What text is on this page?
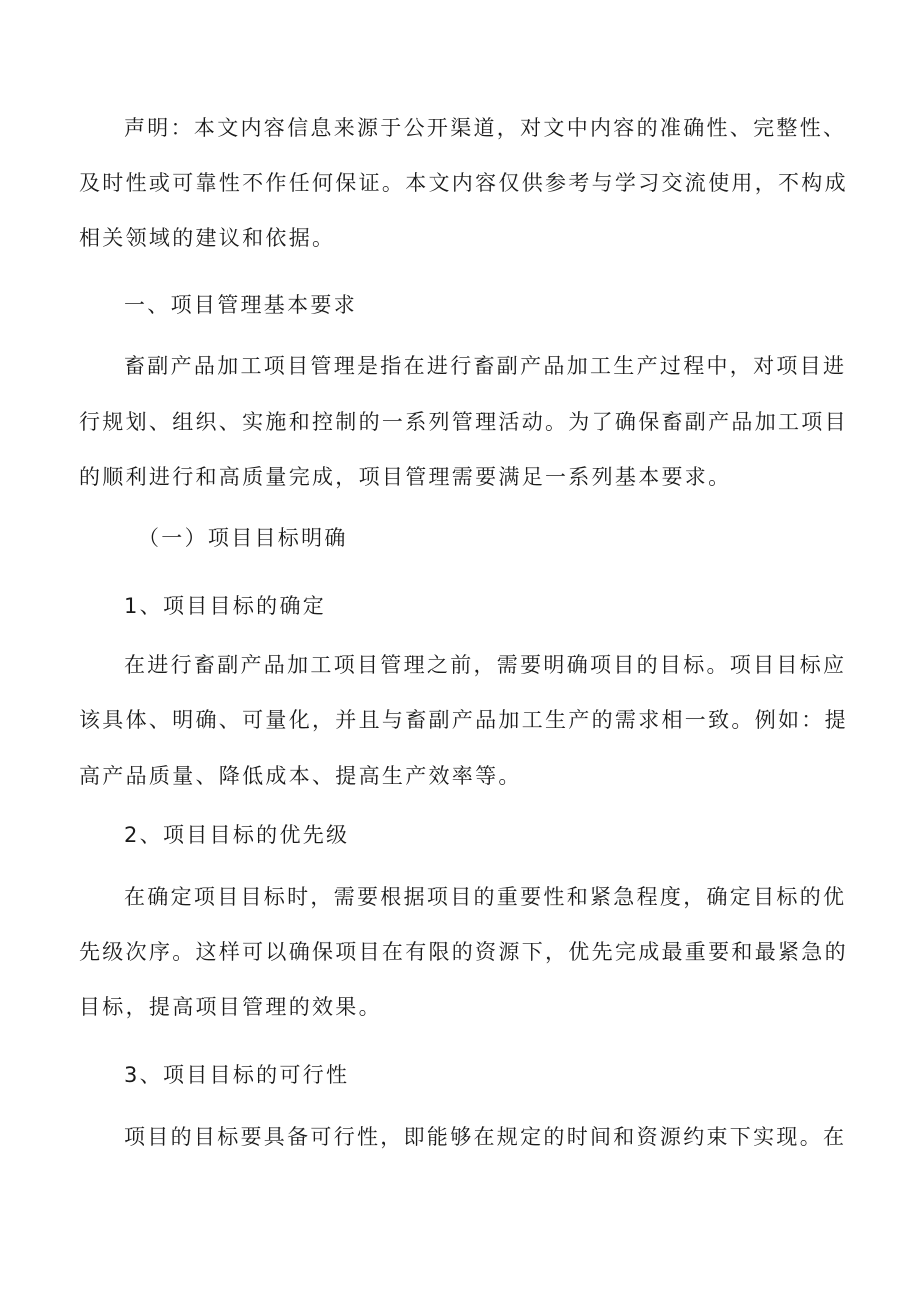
声明：本文内容信息来源于公开渠道，对文中内容的准确性、完整性、
及时性或可靠性不作任何保证。本文内容仅供参考与学习交流使用，不构成
相关领域的建议和依据。
一、项目管理基本要求
畜副产品加工项目管理是指在进行畜副产品加工生产过程中，对项目进
行规划、组织、实施和控制的一系列管理活动。为了确保畜副产品加工项目
的顺利进行和高质量完成，项目管理需要满足一系列基本要求。
（一）项目目标明确
1、项目目标的确定
在进行畜副产品加工项目管理之前，需要明确项目的目标。项目目标应
该具体、明确、可量化，并且与畜副产品加工生产的需求相一致。例如：提
高产品质量、降低成本、提高生产效率等。
2、项目目标的优先级
在确定项目目标时，需要根据项目的重要性和紧急程度，确定目标的优
先级次序。这样可以确保项目在有限的资源下，优先完成最重要和最紧急的
目标，提高项目管理的效果。
3、项目目标的可行性
项目的目标要具备可行性，即能够在规定的时间和资源约束下实现。在
